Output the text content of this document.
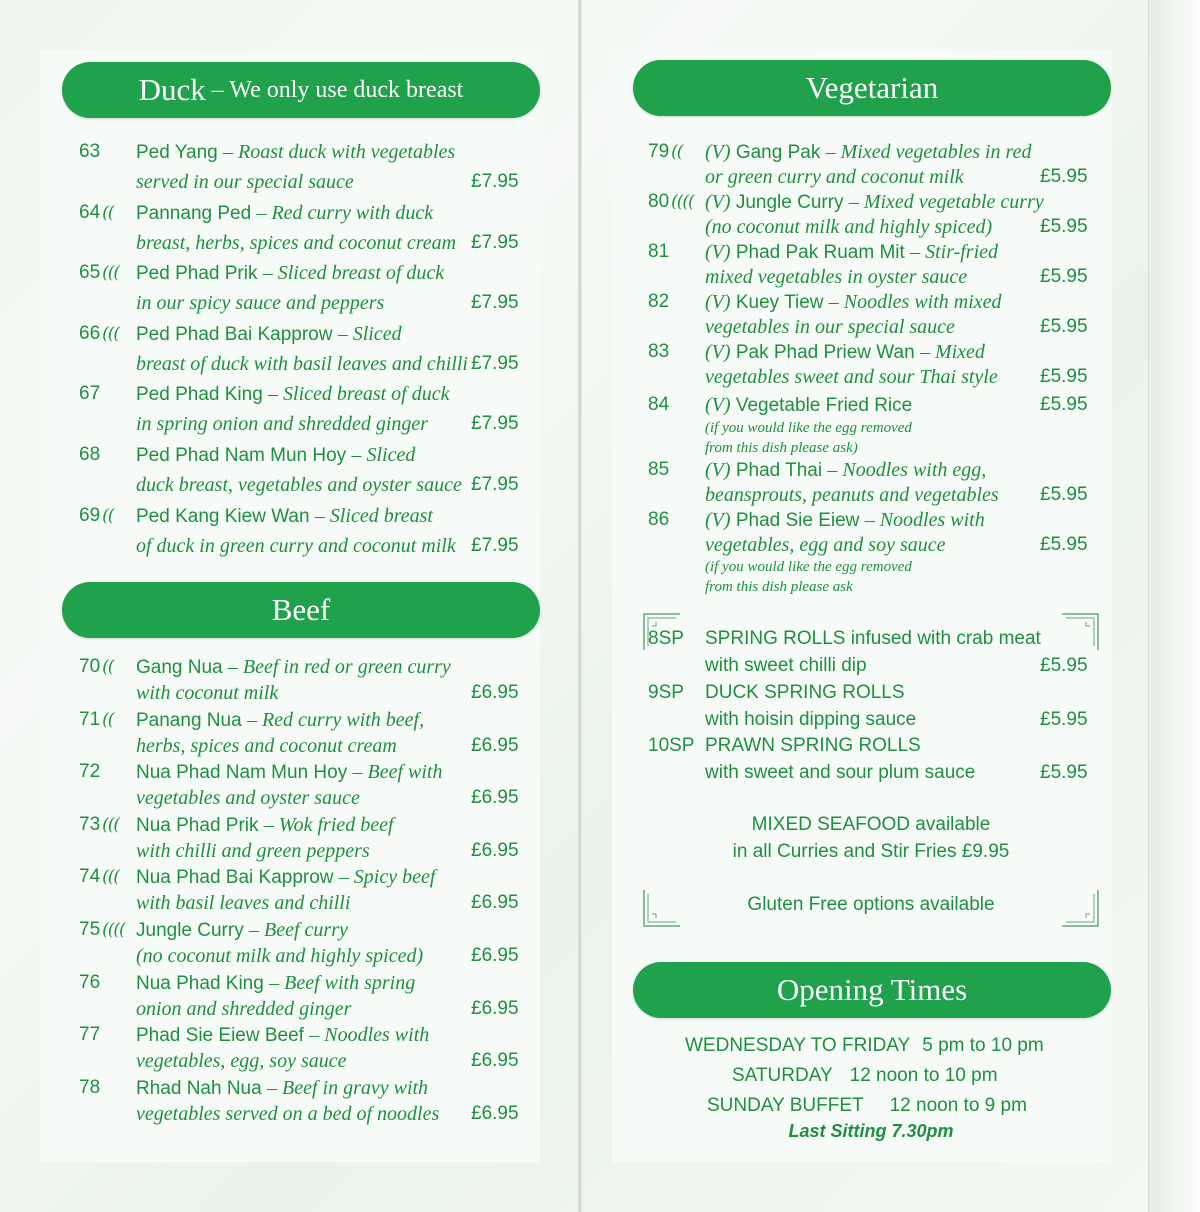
Duck – We only use duck breast
63	Ped Yang – Roast duck with vegetables
served in our special sauce	£7.95
64 ((	Pannang Ped – Red curry with duck
breast, herbs, spices and coconut cream £7.95
65 ((( Ped Phad Prik – Sliced breast of duck
in our spicy sauce and peppers	£7.95
66 ((( Ped Phad Bai Kapprow – Sliced
breast of duck with basil leaves and chilli £7.95
67	Ped Phad King – Sliced breast of duck
in spring onion and shredded ginger £7.95
68	Ped Phad Nam Mun Hoy – Sliced
duck breast, vegetables and oyster sauce £7.95
69 ((	Ped Kang Kiew Wan – Sliced breast
of duck in green curry and coconut milk £7.95
Beef
70 ((	Gang Nua – Beef in red or green curry
with coconut milk	£6.95
71 ((	Panang Nua – Red curry with beef,
herbs, spices and coconut cream	£6.95
72	Nua Phad Nam Mun Hoy – Beef with
vegetables and oyster sauce	£6.95
73 ((( Nua Phad Prik – Wok fried beef
with chilli and green peppers	£6.95
74 ((( Nua Phad Bai Kapprow – Spicy beef
with basil leaves and chilli	£6.95
75 (((( Jungle Curry – Beef curry
(no coconut milk and highly spiced)	£6.95
76	Nua Phad King – Beef with spring
onion and shredded ginger	£6.95
77	Phad Sie Eiew Beef – Noodles with
vegetables, egg, soy sauce	£6.95
78	Rhad Nah Nua – Beef in gravy with
vegetables served on a bed of noodles £6.95
Vegetarian
79 ((	(V) Gang Pak – Mixed vegetables in red
or green curry and coconut milk	£5.95
80 (((( (V) Jungle Curry – Mixed vegetable curry
(no coconut milk and highly spiced)	£5.95
81	(V) Phad Pak Ruam Mit – Stir-fried
mixed vegetables in oyster sauce	£5.95
82	(V) Kuey Tiew – Noodles with mixed
vegetables in our special sauce	£5.95
83	(V) Pak Phad Priew Wan – Mixed
vegetables sweet and sour Thai style £5.95
84	(V) Vegetable Fried Rice	£5.95
(if you would like the egg removed
from this dish please ask)
85	(V) Phad Thai – Noodles with egg,
beansprouts, peanuts and vegetables £5.95
86	(V) Phad Sie Eiew – Noodles with
vegetables, egg and soy sauce	£5.95
(if you would like the egg removed
from this dish please ask
8SP	SPRING ROLLS infused with crab meat
with sweet chilli dip	£5.95
9SP	DUCK SPRING ROLLS
with hoisin dipping sauce	£5.95
10SP PRAWN SPRING ROLLS
with sweet and sour plum sauce	£5.95
MIXED SEAFOOD available
in all Curries and Stir Fries £9.95
Gluten Free options available
Opening Times
WEDNESDAY TO FRIDAY 5 pm to 10 pm
SATURDAY 12 noon to 10 pm
SUNDAY BUFFET 12 noon to 9 pm
Last Sitting 7.30pm
